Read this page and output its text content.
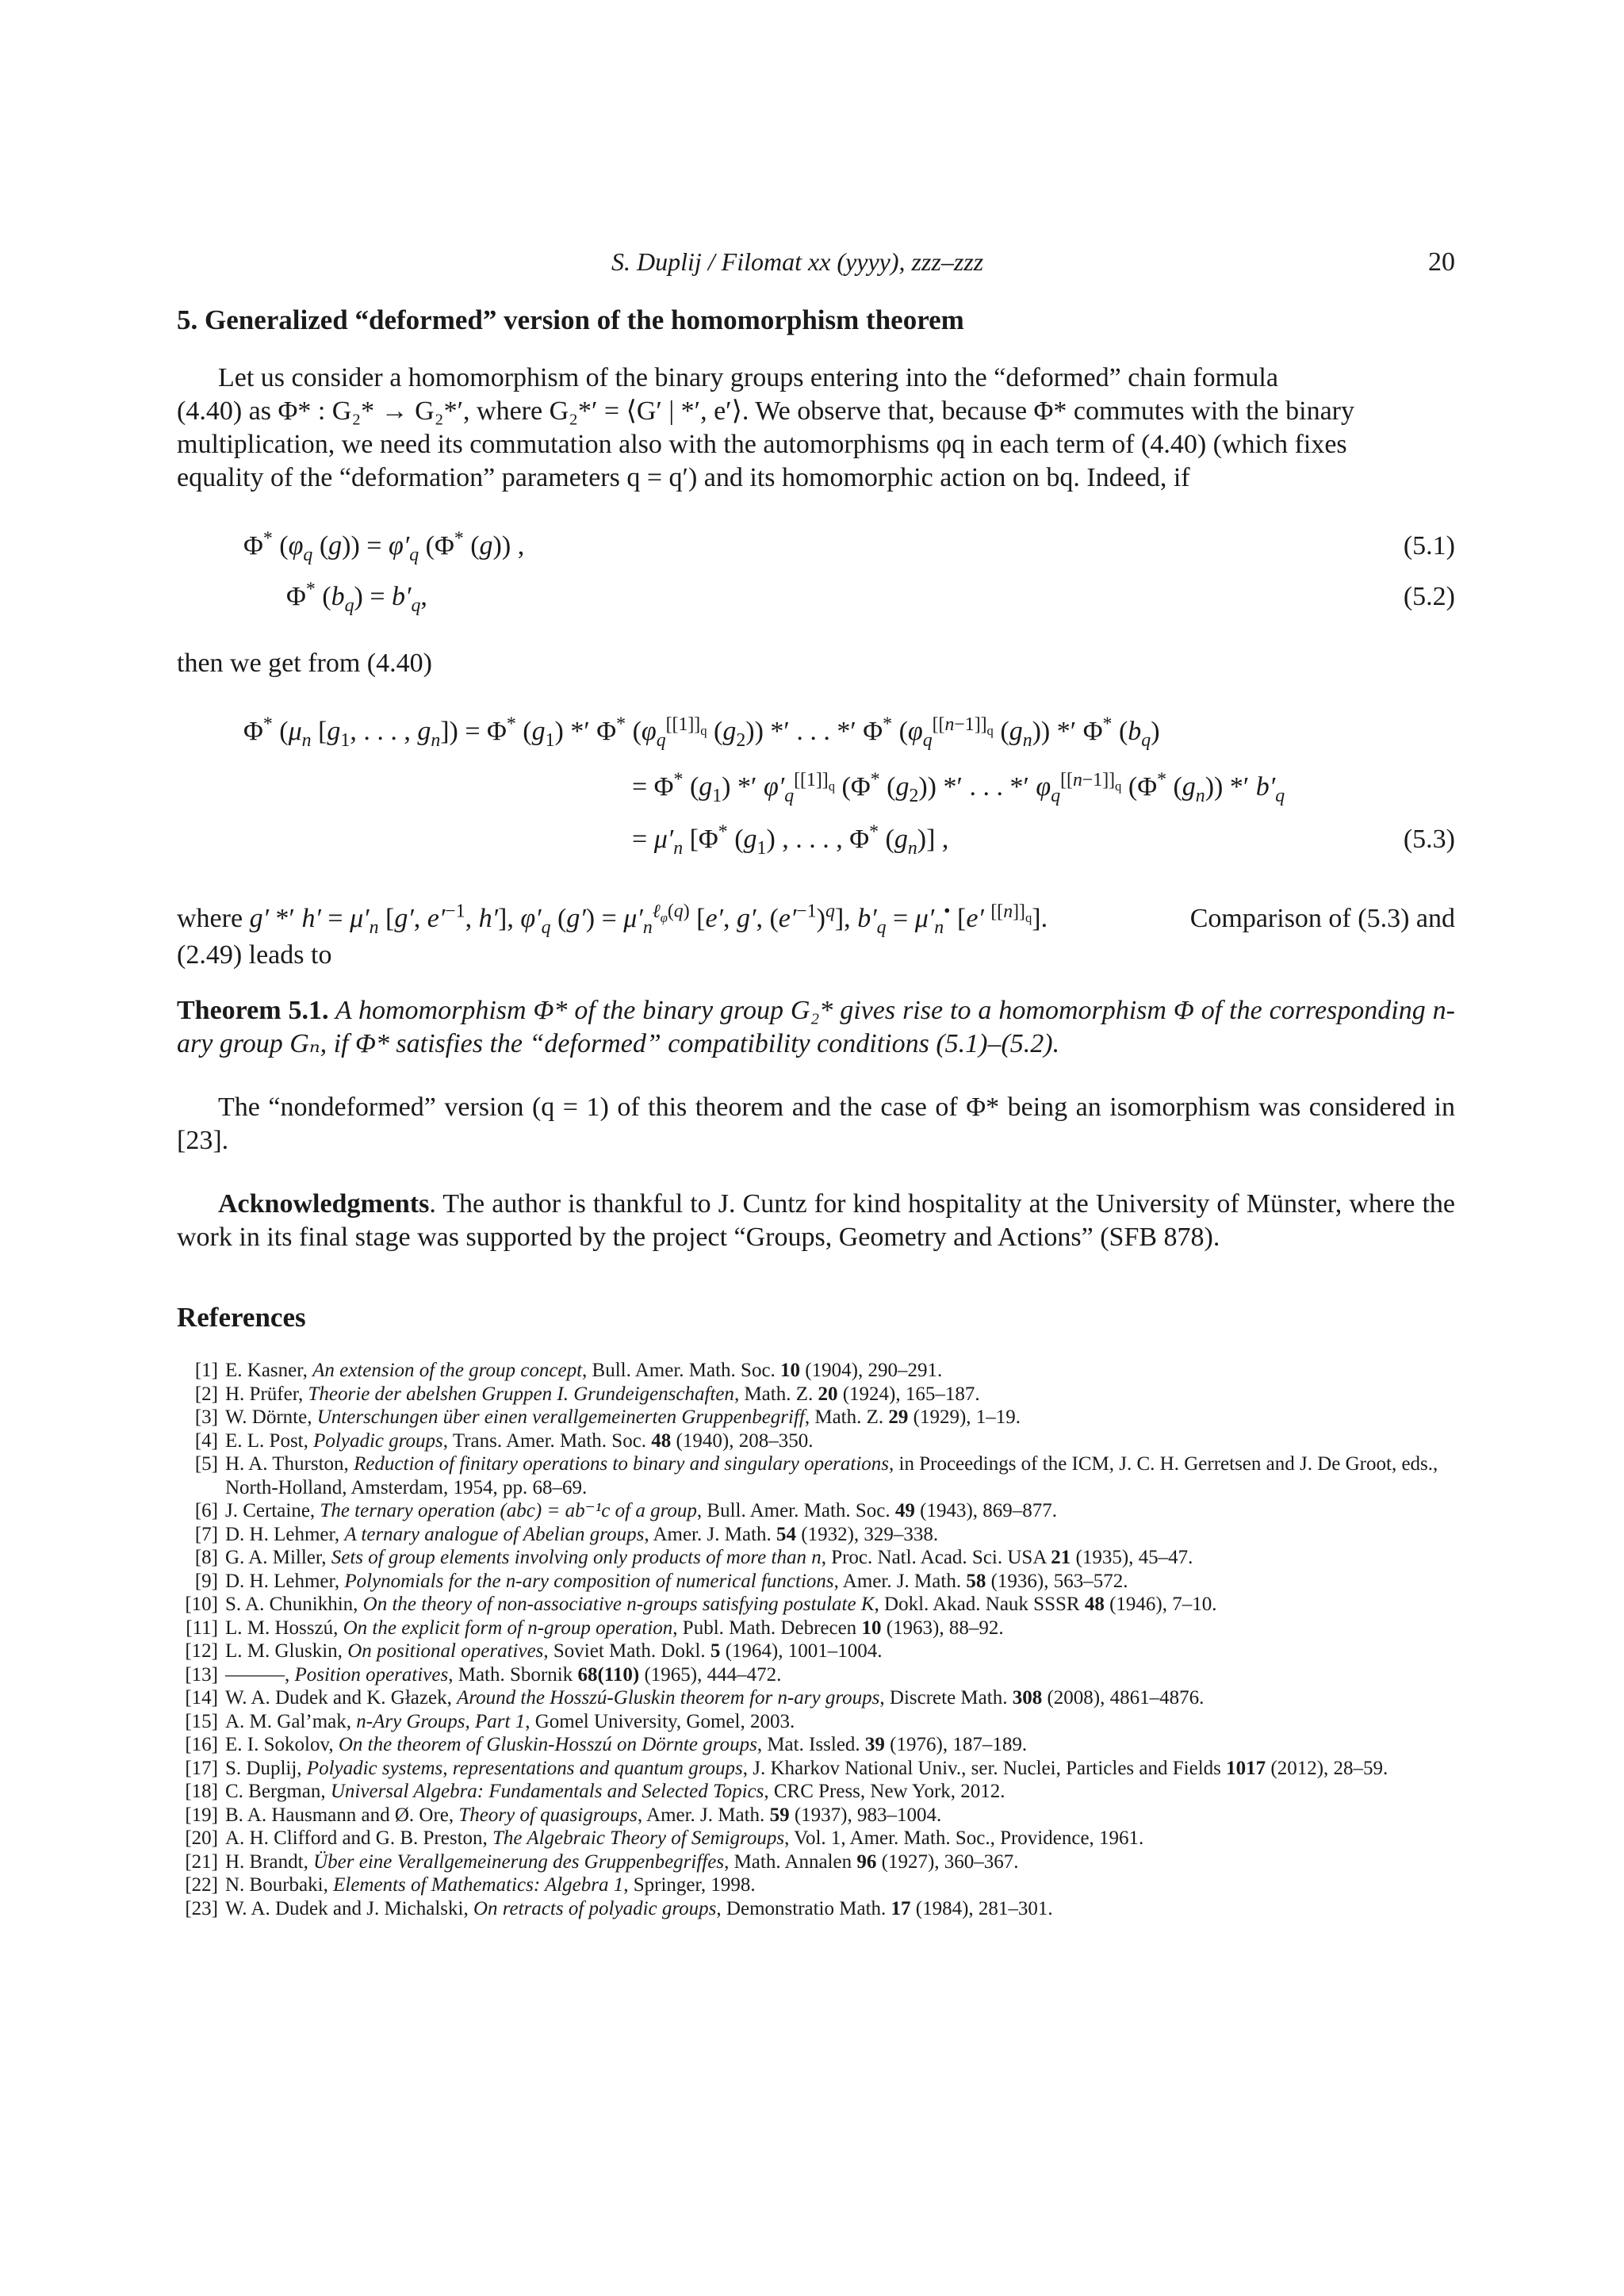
S. Duplij / Filomat xx (yyyy), zzz–zzz	20
5. Generalized “deformed” version of the homomorphism theorem
Let us consider a homomorphism of the binary groups entering into the “deformed” chain formula
(4.40) as Φ* : G₂* → G₂*′, where G₂*′ = ⟨G′ | *′, e′⟩. We observe that, because Φ* commutes with the binary
multiplication, we need its commutation also with the automorphisms φq in each term of (4.40) (which fixes
equality of the “deformation” parameters q = q′) and its homomorphic action on bq. Indeed, if
Φ* ($\varphi_q$ $(g)) = \varphi'_q$ (Φ* (g)) ,	(5.1)
Φ* $(b_q) = b'_q$,	(5.2)
then we get from (4.40)
Φ* ($\mu_n$ [$g_1$, . . . , $g_n]) = \Phi^*$ $(g_1)$ *′ Φ* ($\varphi_q^{[[1]]_q}$ $(g_2)$) *′ . . . *′ Φ* ($\varphi_q^{[[n-1]]_q}$ $(g_n)$) *′ Φ* $(b_q)$
= Φ* $(g_1)$ *′ $\varphi'_q^{[[1]]_q}$ (Φ* $(g_2)$) *′ . . . *′ $\varphi_q^{[[n-1]]_q}$ (Φ* $(g_n)$) *′ $b'_q$
= $\mu'_n$ [Φ* $(g_1)$ , . . . , Φ* $(g_n)$] ,	(5.3)
where g′ *′ $h' = \mu'_n$ [g′, $e'^{-1}$, h′], $\varphi'_q$ $(g') = \mu'_n^{\ell_\varphi(q)}$ [e′, g′, $(e'^{-1})^q$], $b'_q = \mu'_n^•$ [e′ $^{[[n]]_q}$].	Comparison of (5.3) and
(2.49) leads to
Theorem 5.1. A homomorphism Φ* of the binary group G₂* gives rise to a homomorphism Φ of the corresponding n-ary group Gₙ, if Φ* satisfies the “deformed” compatibility conditions (5.1)–(5.2).
The “nondeformed” version (q = 1) of this theorem and the case of Φ* being an isomorphism was considered in [23].
Acknowledgments. The author is thankful to J. Cuntz for kind hospitality at the University of Münster, where the work in its final stage was supported by the project “Groups, Geometry and Actions” (SFB 878).
References
[1] E. Kasner, An extension of the group concept, Bull. Amer. Math. Soc. 10 (1904), 290–291.
[2] H. Prüfer, Theorie der abelshen Gruppen I. Grundeigenschaften, Math. Z. 20 (1924), 165–187.
[3] W. Dörnte, Unterschungen über einen verallgemeinerten Gruppenbegriff, Math. Z. 29 (1929), 1–19.
[4] E. L. Post, Polyadic groups, Trans. Amer. Math. Soc. 48 (1940), 208–350.
[5] H. A. Thurston, Reduction of finitary operations to binary and singulary operations, in Proceedings of the ICM, J. C. H. Gerretsen and J. De Groot, eds., North-Holland, Amsterdam, 1954, pp. 68–69.
[6] J. Certaine, The ternary operation (abc) = ab⁻¹c of a group, Bull. Amer. Math. Soc. 49 (1943), 869–877.
[7] D. H. Lehmer, A ternary analogue of Abelian groups, Amer. J. Math. 54 (1932), 329–338.
[8] G. A. Miller, Sets of group elements involving only products of more than n, Proc. Natl. Acad. Sci. USA 21 (1935), 45–47.
[9] D. H. Lehmer, Polynomials for the n-ary composition of numerical functions, Amer. J. Math. 58 (1936), 563–572.
[10] S. A. Chunikhin, On the theory of non-associative n-groups satisfying postulate K, Dokl. Akad. Nauk SSSR 48 (1946), 7–10.
[11] L. M. Hosszú, On the explicit form of n-group operation, Publ. Math. Debrecen 10 (1963), 88–92.
[12] L. M. Gluskin, On positional operatives, Soviet Math. Dokl. 5 (1964), 1001–1004.
[13] ———, Position operatives, Math. Sbornik 68(110) (1965), 444–472.
[14] W. A. Dudek and K. Głazek, Around the Hosszú-Gluskin theorem for n-ary groups, Discrete Math. 308 (2008), 4861–4876.
[15] A. M. Gal’mak, n-Ary Groups, Part 1, Gomel University, Gomel, 2003.
[16] E. I. Sokolov, On the theorem of Gluskin-Hosszú on Dörnte groups, Mat. Issled. 39 (1976), 187–189.
[17] S. Duplij, Polyadic systems, representations and quantum groups, J. Kharkov National Univ., ser. Nuclei, Particles and Fields 1017 (2012), 28–59.
[18] C. Bergman, Universal Algebra: Fundamentals and Selected Topics, CRC Press, New York, 2012.
[19] B. A. Hausmann and Ø. Ore, Theory of quasigroups, Amer. J. Math. 59 (1937), 983–1004.
[20] A. H. Clifford and G. B. Preston, The Algebraic Theory of Semigroups, Vol. 1, Amer. Math. Soc., Providence, 1961.
[21] H. Brandt, Über eine Verallgemeinerung des Gruppenbegriffes, Math. Annalen 96 (1927), 360–367.
[22] N. Bourbaki, Elements of Mathematics: Algebra 1, Springer, 1998.
[23] W. A. Dudek and J. Michalski, On retracts of polyadic groups, Demonstratio Math. 17 (1984), 281–301.
